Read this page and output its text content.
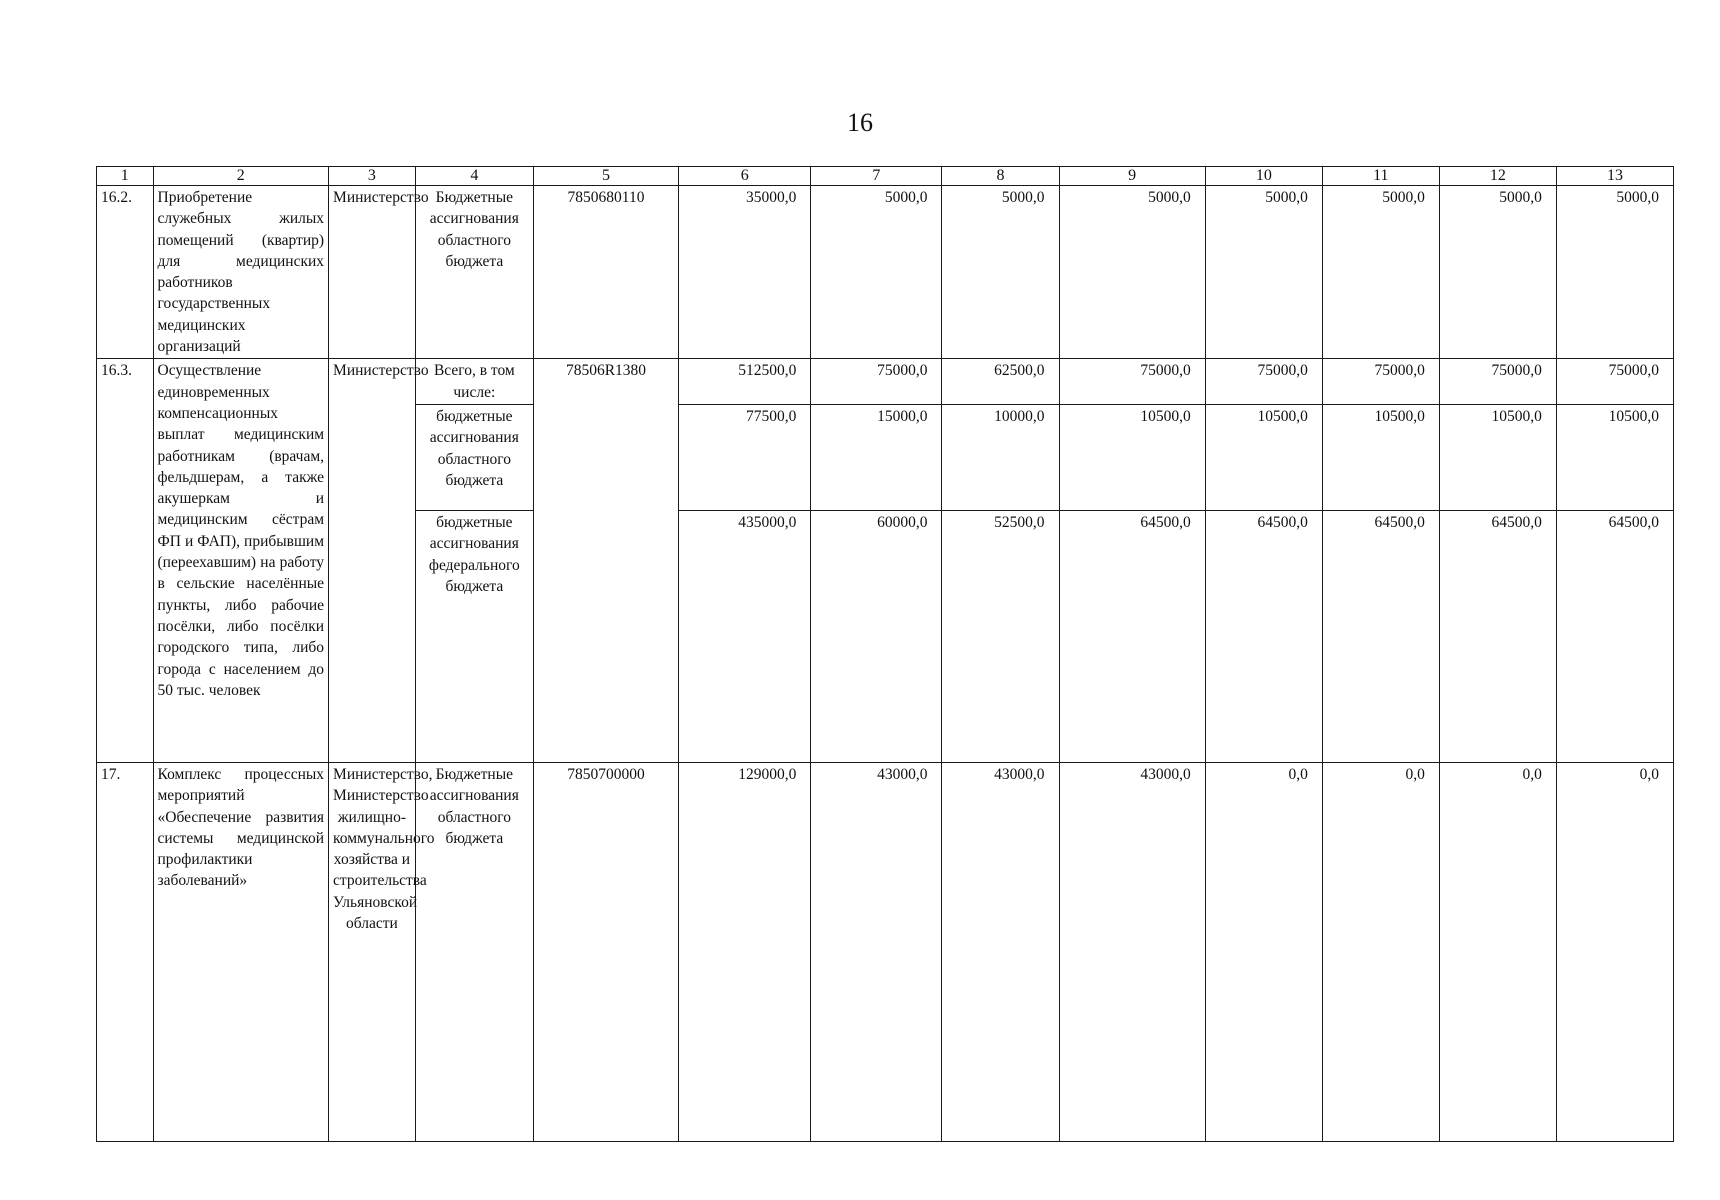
16
1	2	3	4	5	6	7	8	9	10	11	12	13
16.2.	Приобретение служебных жилых помещений (квартир) для медицинских работников государственных медицинских организаций	Министерство	Бюджетные ассигнования областного бюджета	7850680110	35000,0	5000,0	5000,0	5000,0	5000,0	5000,0	5000,0	5000,0
16.3.	Осуществление единовременных компенсационных выплат медицинским работникам (врачам, фельдшерам, а также акушеркам и медицинским сёстрам ФП и ФАП), прибывшим (переехавшим) на работу в сельские населённые пункты, либо рабочие посёлки, либо посёлки городского типа, либо города с населением до 50 тыс. человек	Министерство	Всего, в том числе:	78506R1380	512500,0	75000,0	62500,0	75000,0	75000,0	75000,0	75000,0	75000,0
			бюджетные ассигнования областного бюджета		77500,0	15000,0	10000,0	10500,0	10500,0	10500,0	10500,0	10500,0
			бюджетные ассигнования федерального бюджета		435000,0	60000,0	52500,0	64500,0	64500,0	64500,0	64500,0	64500,0
17.	Комплекс процессных мероприятий «Обеспечение развития системы медицинской профилактики заболеваний»	Министерство, Министерство жилищно-коммунального хозяйства и строительства Ульяновской области	Бюджетные ассигнования областного бюджета	7850700000	129000,0	43000,0	43000,0	43000,0	0,0	0,0	0,0	0,0
